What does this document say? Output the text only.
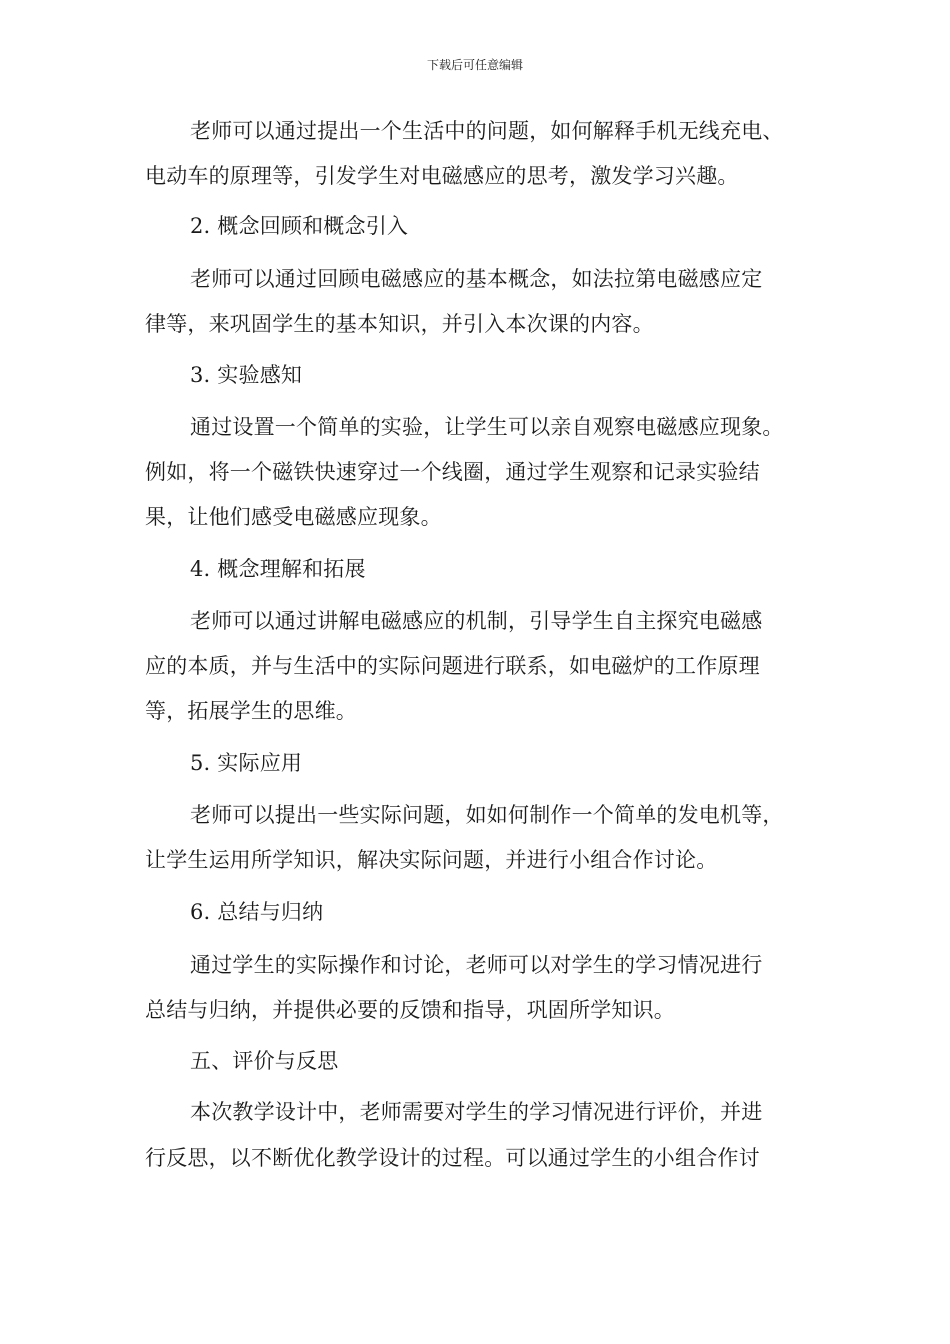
下载后可任意编辑
老师可以通过提出一个生活中的问题，如何解释手机无线充电、
电动车的原理等，引发学生对电磁感应的思考，激发学习兴趣。
2. 概念回顾和概念引入
老师可以通过回顾电磁感应的基本概念，如法拉第电磁感应定
律等，来巩固学生的基本知识，并引入本次课的内容。
3. 实验感知
通过设置一个简单的实验，让学生可以亲自观察电磁感应现象。
例如，将一个磁铁快速穿过一个线圈，通过学生观察和记录实验结
果，让他们感受电磁感应现象。
4. 概念理解和拓展
老师可以通过讲解电磁感应的机制，引导学生自主探究电磁感
应的本质，并与生活中的实际问题进行联系，如电磁炉的工作原理
等，拓展学生的思维。
5. 实际应用
老师可以提出一些实际问题，如如何制作一个简单的发电机等，
让学生运用所学知识，解决实际问题，并进行小组合作讨论。
6. 总结与归纳
通过学生的实际操作和讨论，老师可以对学生的学习情况进行
总结与归纳，并提供必要的反馈和指导，巩固所学知识。
五、评价与反思
本次教学设计中，老师需要对学生的学习情况进行评价，并进
行反思，以不断优化教学设计的过程。可以通过学生的小组合作讨
